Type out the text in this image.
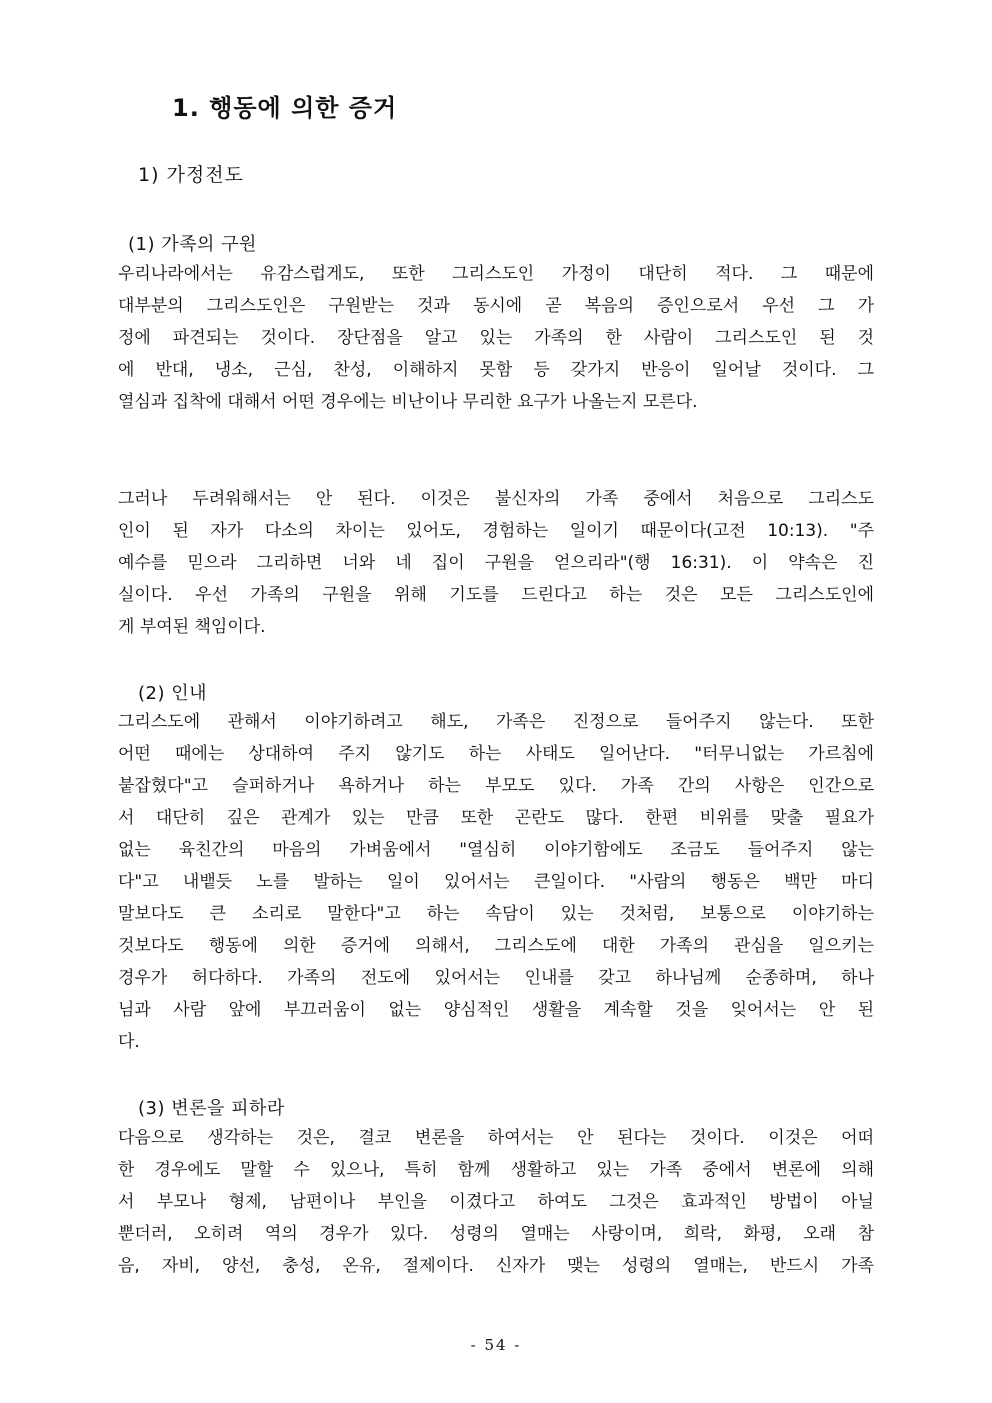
1. 행동에 의한 증거
1) 가정전도
(1) 가족의 구원
우리나라에서는 유감스럽게도, 또한 그리스도인 가정이 대단히 적다. 그 때문에
대부분의 그리스도인은 구원받는 것과 동시에 곧 복음의 증인으로서 우선 그 가
정에 파견되는 것이다. 장단점을 알고 있는 가족의 한 사람이 그리스도인 된 것
에 반대, 냉소, 근심, 찬성, 이해하지 못함 등 갖가지 반응이 일어날 것이다. 그
열심과 집착에 대해서 어떤 경우에는 비난이나 무리한 요구가 나올는지 모른다.
그러나 두려워해서는 안 된다. 이것은 불신자의 가족 중에서 처음으로 그리스도
인이 된 자가 다소의 차이는 있어도, 경험하는 일이기 때문이다(고전 10:13). "주
예수를 믿으라 그리하면 너와 네 집이 구원을 얻으리라"(행 16:31). 이 약속은 진
실이다. 우선 가족의 구원을 위해 기도를 드린다고 하는 것은 모든 그리스도인에
게 부여된 책임이다.
(2) 인내
그리스도에 관해서 이야기하려고 해도, 가족은 진정으로 들어주지 않는다. 또한
어떤 때에는 상대하여 주지 않기도 하는 사태도 일어난다. "터무니없는 가르침에
붙잡혔다"고 슬퍼하거나 욕하거나 하는 부모도 있다. 가족 간의 사항은 인간으로
서 대단히 깊은 관계가 있는 만큼 또한 곤란도 많다. 한편 비위를 맞출 필요가
없는 육친간의 마음의 가벼움에서 "열심히 이야기함에도 조금도 들어주지 않는
다"고 내뱉듯 노를 발하는 일이 있어서는 큰일이다. "사람의 행동은 백만 마디
말보다도 큰 소리로 말한다"고 하는 속담이 있는 것처럼, 보통으로 이야기하는
것보다도 행동에 의한 증거에 의해서, 그리스도에 대한 가족의 관심을 일으키는
경우가 허다하다. 가족의 전도에 있어서는 인내를 갖고 하나님께 순종하며, 하나
님과 사람 앞에 부끄러움이 없는 양심적인 생활을 계속할 것을 잊어서는 안 된
다.
(3) 변론을 피하라
다음으로 생각하는 것은, 결코 변론을 하여서는 안 된다는 것이다. 이것은 어떠
한 경우에도 말할 수 있으나, 특히 함께 생활하고 있는 가족 중에서 변론에 의해
서 부모나 형제, 남편이나 부인을 이겼다고 하여도 그것은 효과적인 방법이 아닐
뿐더러, 오히려 역의 경우가 있다. 성령의 열매는 사랑이며, 희락, 화평, 오래 참
음, 자비, 양선, 충성, 온유, 절제이다. 신자가 맺는 성령의 열매는, 반드시 가족
- 54 -
